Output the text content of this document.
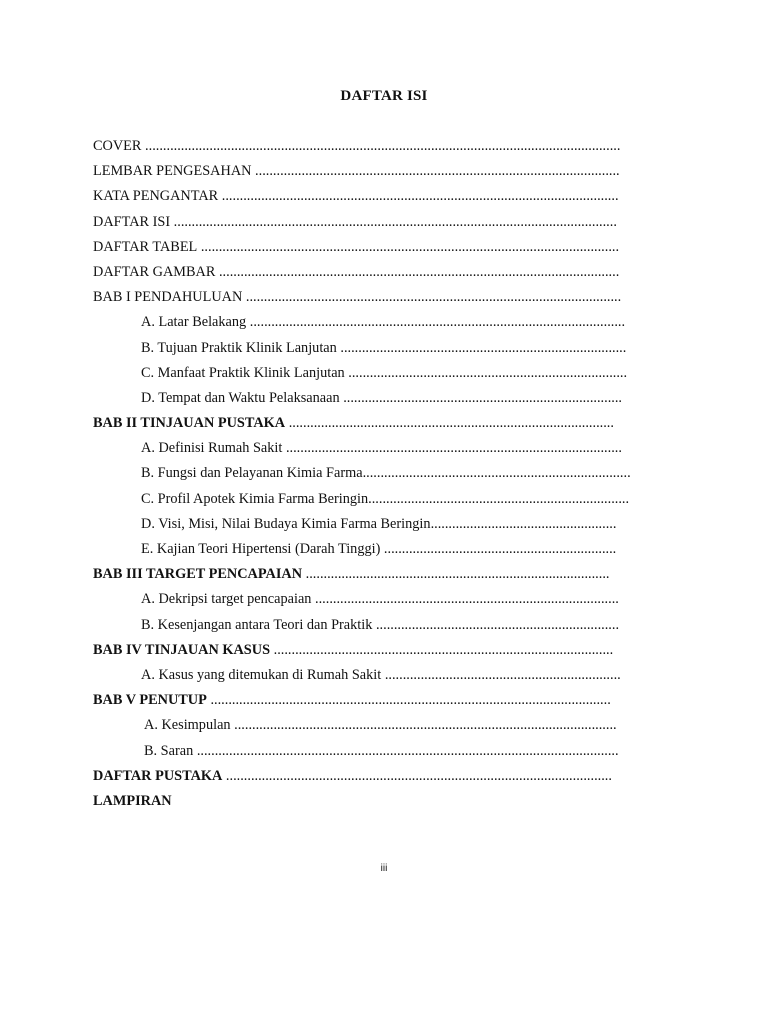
DAFTAR ISI
COVER .....................................................................................................................................
LEMBAR PENGESAHAN ......................................................................................................
KATA PENGANTAR ...............................................................................................................
DAFTAR ISI ............................................................................................................................
DAFTAR TABEL .....................................................................................................................
DAFTAR GAMBAR ................................................................................................................
BAB I PENDAHULUAN .........................................................................................................
A. Latar Belakang .........................................................................................................
B. Tujuan Praktik Klinik Lanjutan ................................................................................
C. Manfaat Praktik Klinik Lanjutan ..............................................................................
D. Tempat dan Waktu Pelaksanaan ..............................................................................
BAB II TINJAUAN PUSTAKA ...........................................................................................
A. Definisi Rumah Sakit ..............................................................................................
B. Fungsi dan Pelayanan Kimia Farma...........................................................................
C. Profil Apotek Kimia Farma Beringin.........................................................................
D. Visi, Misi, Nilai Budaya Kimia Farma Beringin....................................................
E. Kajian Teori Hipertensi (Darah Tinggi) .................................................................
BAB III TARGET PENCAPAIAN .....................................................................................
A. Dekripsi target pencapaian .....................................................................................
B. Kesenjangan antara Teori dan Praktik ....................................................................
BAB IV TINJAUAN KASUS ...............................................................................................
A. Kasus yang ditemukan di Rumah Sakit ..................................................................
BAB V PENUTUP ................................................................................................................
A. Kesimpulan ...........................................................................................................
B. Saran ......................................................................................................................
DAFTAR PUSTAKA ............................................................................................................
LAMPIRAN
iii
